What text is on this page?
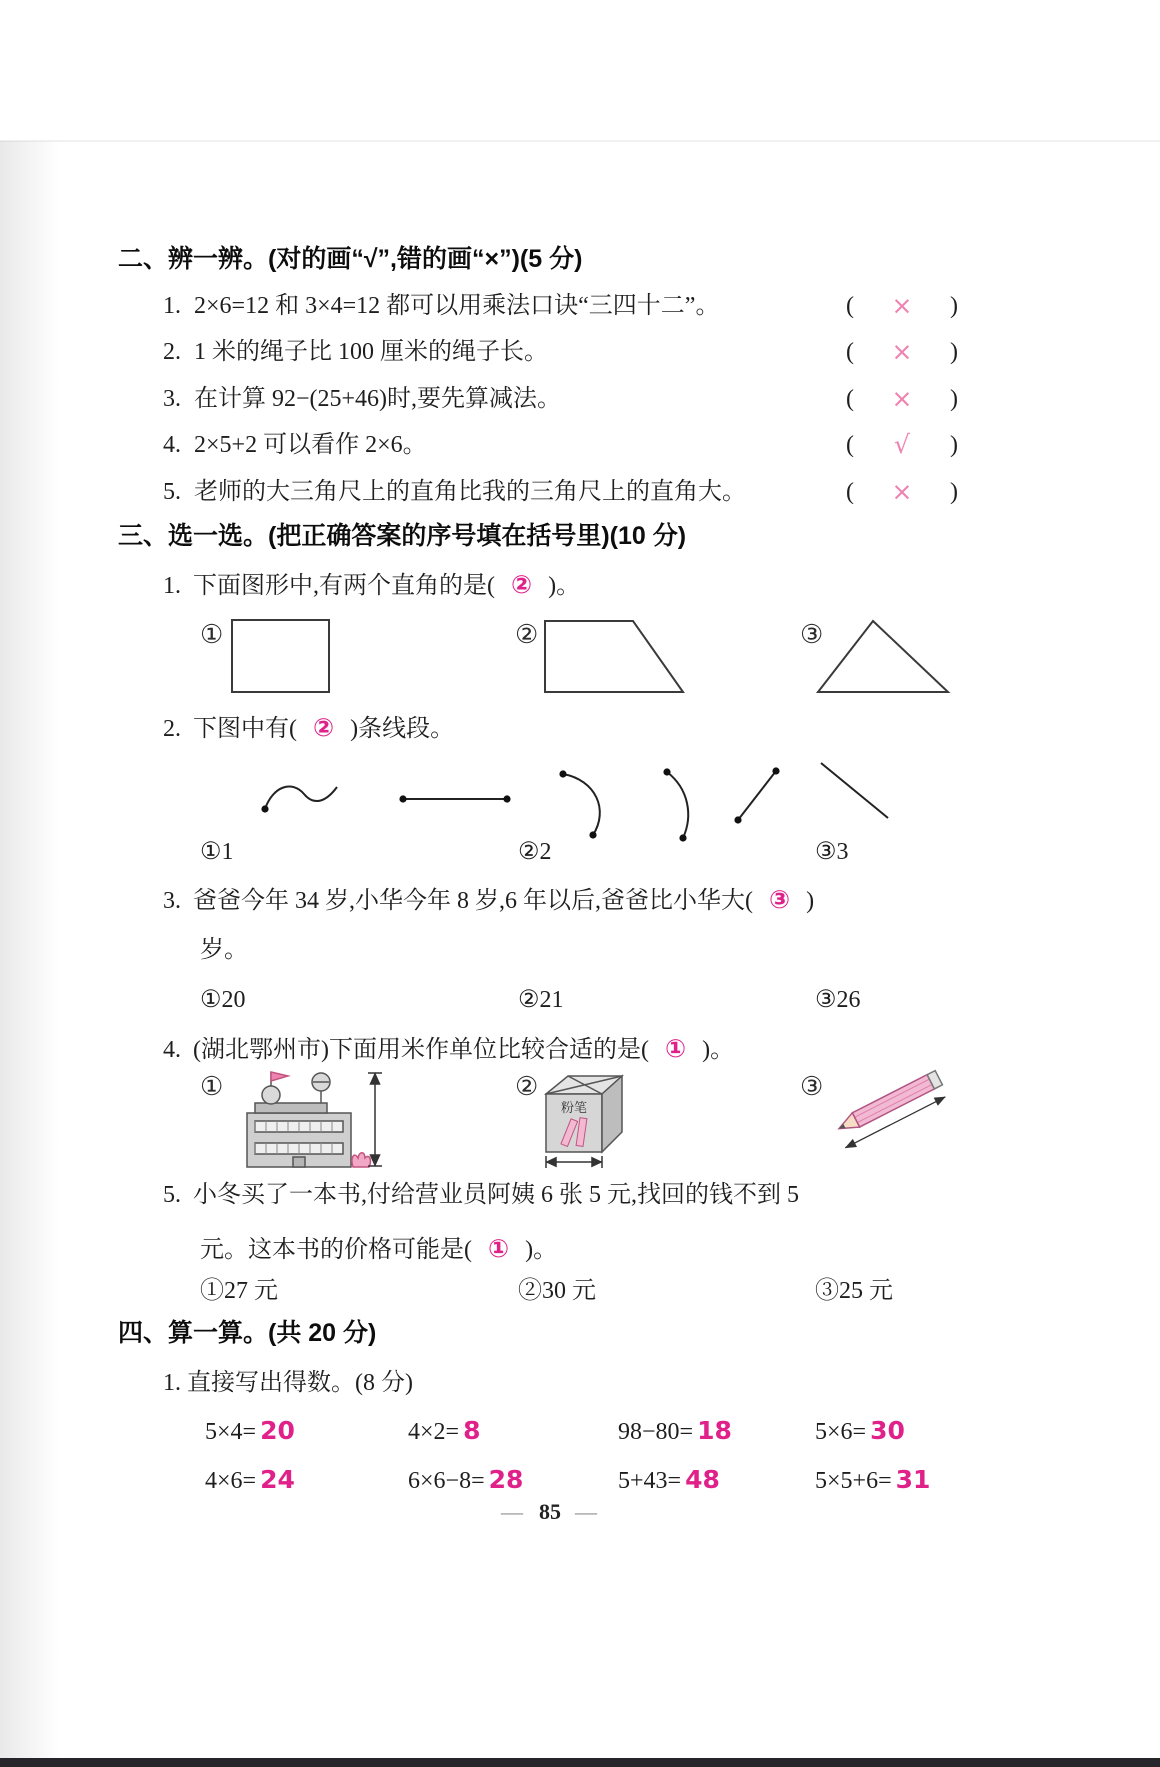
二、辨一辨。(对的画“√”,错的画“×”)(5 分)
1. 2×6=12 和 3×4=12 都可以用乘法口诀“三四十二”。	( × )
2. 1 米的绳子比 100 厘米的绳子长。	( × )
3. 在计算 92−(25+46)时,要先算减法。	( × )
4. 2×5+2 可以看作 2×6。	( √ )
5. 老师的大三角尺上的直角比我的三角尺上的直角大。	( × )
三、选一选。(把正确答案的序号填在括号里)(10 分)
1. 下面图形中,有两个直角的是( ② )。
①	②	③
2. 下图中有( ② )条线段。
①1	②2	③3
3. 爸爸今年 34 岁,小华今年 8 岁,6 年以后,爸爸比小华大( ③ )
岁。
①20	②21	③26
4. (湖北鄂州市)下面用米作单位比较合适的是( ① )。
①	②	③
粉笔
5. 小冬买了一本书,付给营业员阿姨 6 张 5 元,找回的钱不到 5
元。这本书的价格可能是( ① )。
①27 元	②30 元	③25 元
四、算一算。(共 20 分)
1. 直接写出得数。(8 分)
5×4= 20	4×2= 8	98−80= 18	5×6= 30
4×6= 24	6×6−8= 28	5+43= 48	5×5+6= 31
— 85 —
